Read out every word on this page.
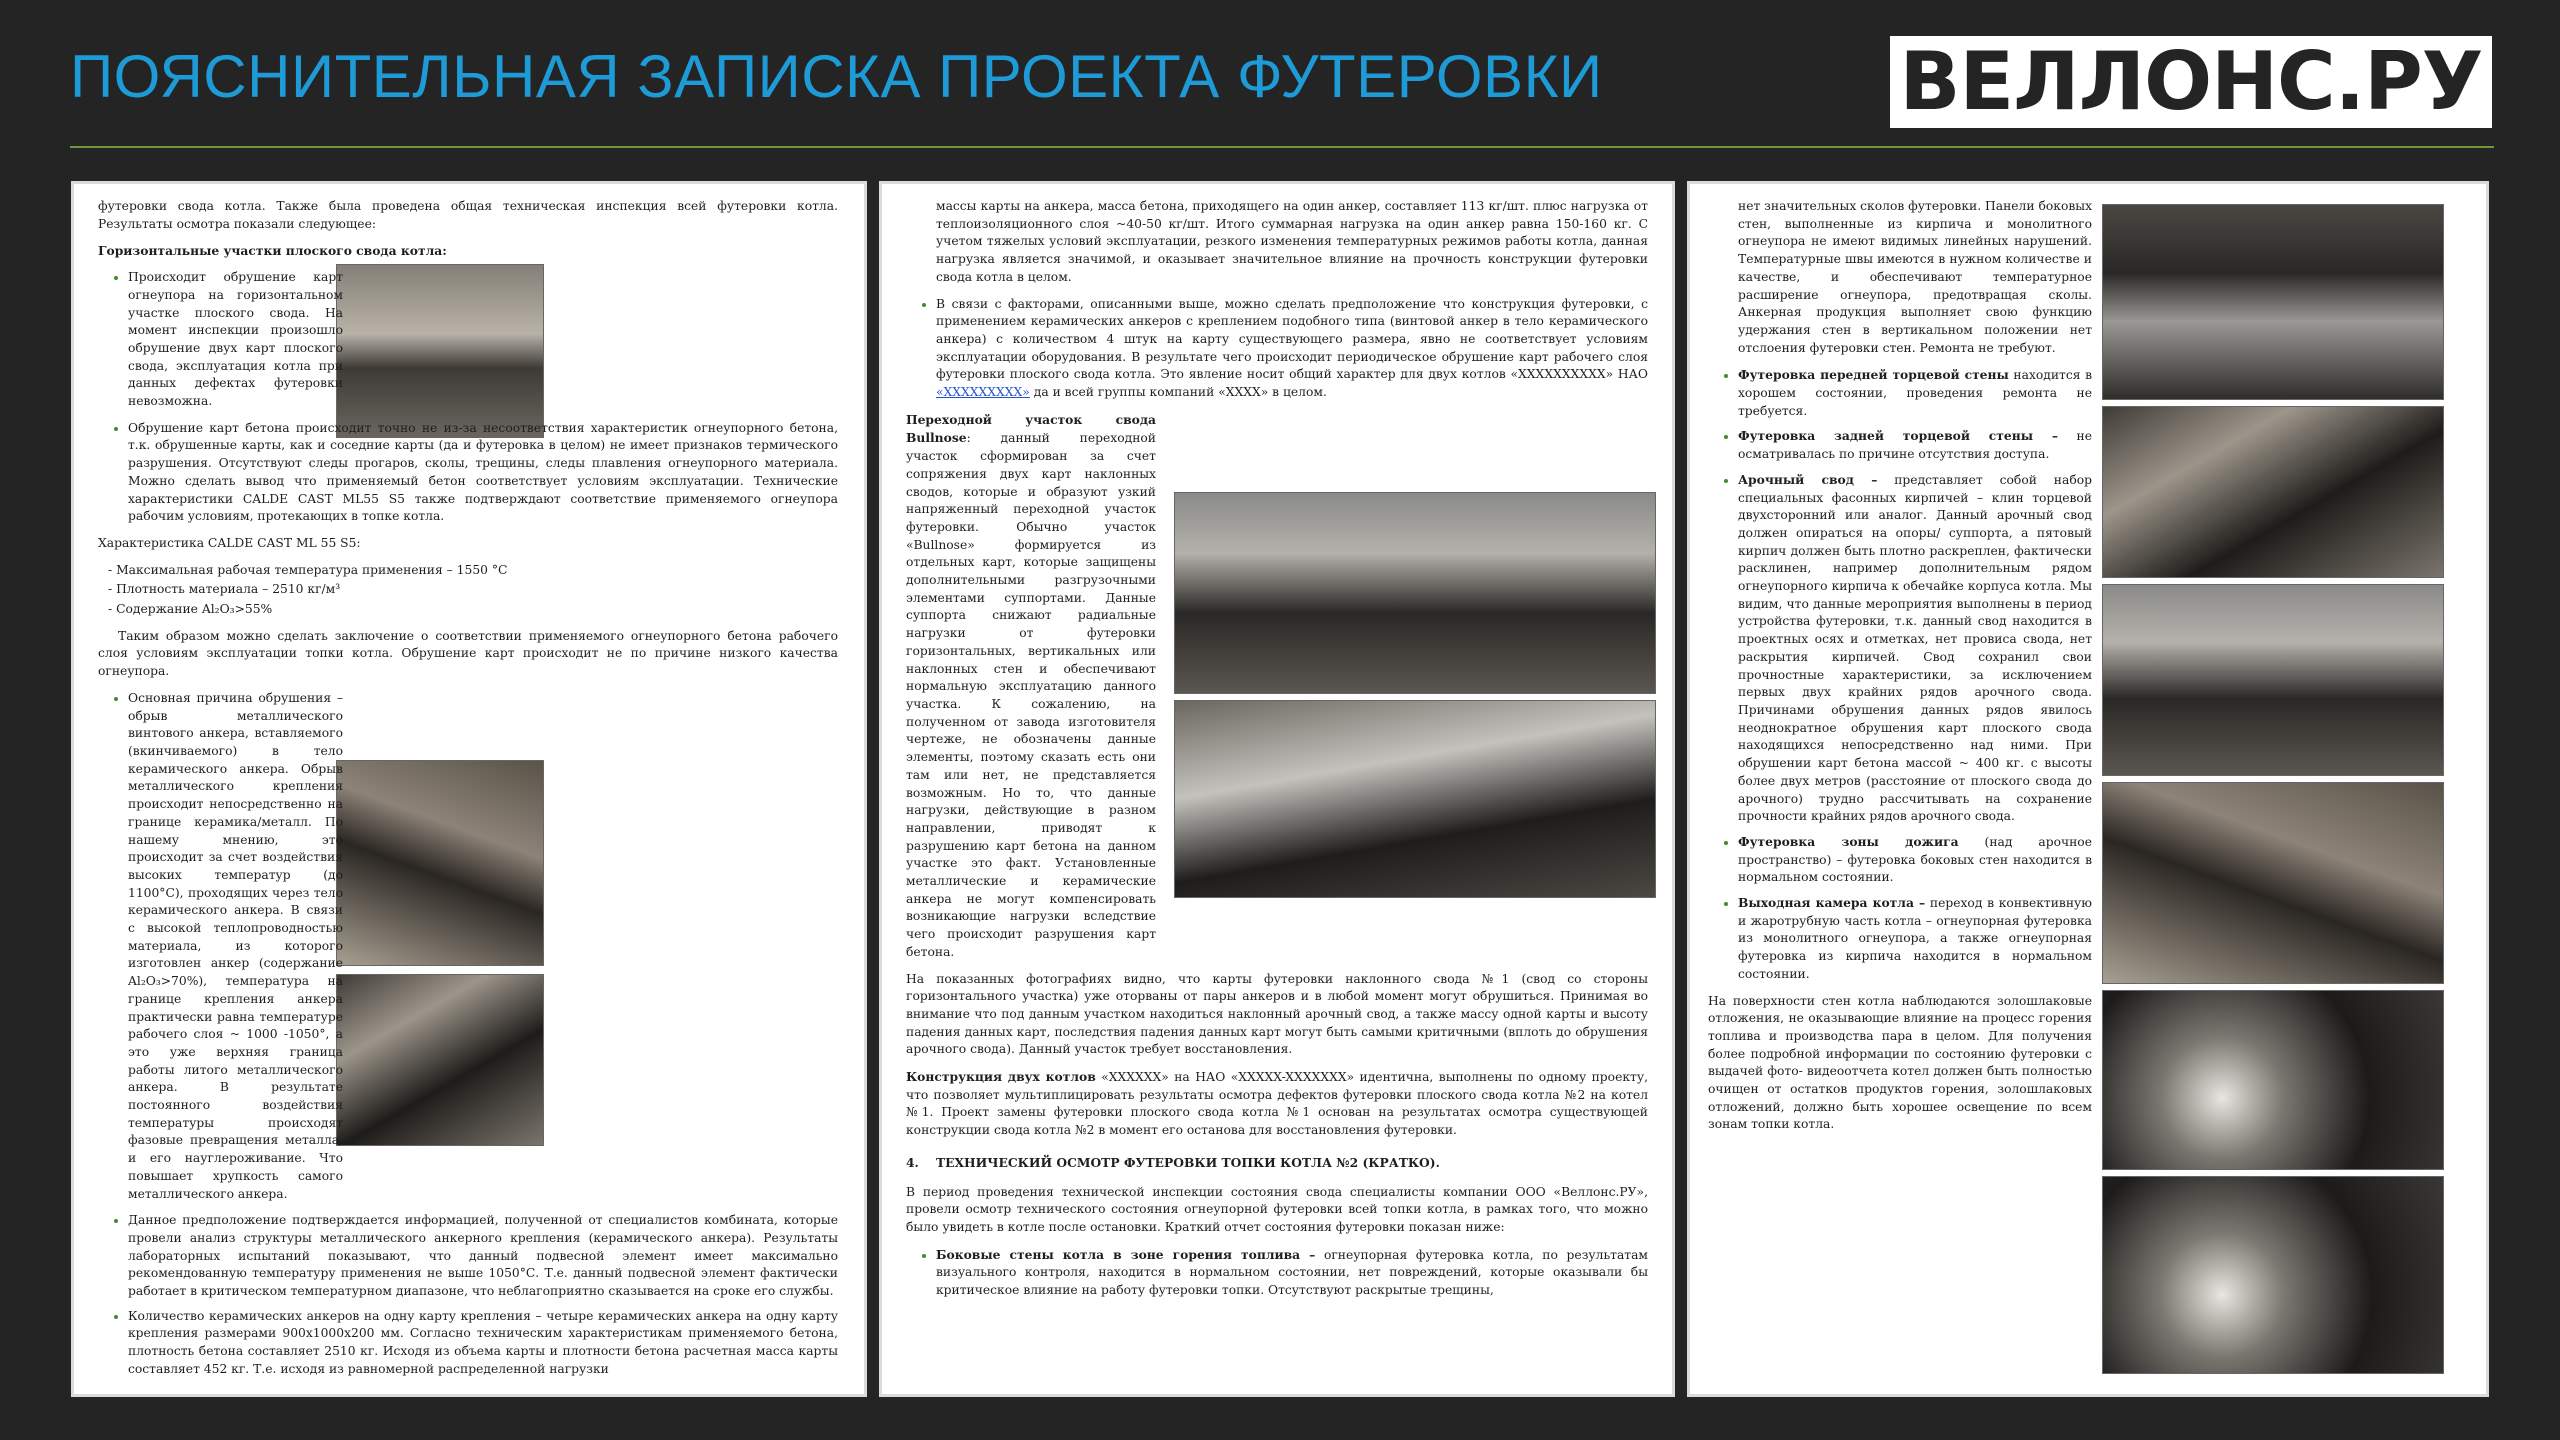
ПОЯСНИТЕЛЬНАЯ ЗАПИСКА ПРОЕКТА ФУТЕРОВКИ	ВЕЛЛОНС.РУ

футеровки свода котла. Также была проведена общая техническая инспекция всей футеровки котла. Результаты осмотра показали следующее:

Горизонтальные участки плоского свода котла:

• Происходит обрушение карт огнеупора на горизонтальном участке плоского свода. На момент инспекции произошло обрушение двух карт плоского свода, эксплуатация котла при данных дефектах футеровки невозможна.
• Обрушение карт бетона происходит точно не из-за несоответствия характеристик огнеупорного бетона, т.к. обрушенные карты, как и соседние карты (да и футеровка в целом) не имеет признаков термического разрушения. Отсутствуют следы прогаров, сколы, трещины, следы плавления огнеупорного материала. Можно сделать вывод что применяемый бетон соответствует условиям эксплуатации. Технические характеристики CALDE CAST ML55 S5 также подтверждают соответствие применяемого огнеупора рабочим условиям, протекающих в топке котла.

Характеристика CALDE CAST ML 55 S5:

- Максимальная рабочая температура применения – 1550 °С
- Плотность материала – 2510 кг/м³
- Содержание Al₂O₃>55%

Таким образом можно сделать заключение о соответствии применяемого огнеупорного бетона рабочего слоя условиям эксплуатации топки котла. Обрушение карт происходит не по причине низкого качества огнеупора.

• Основная причина обрушения – обрыв металлического винтового анкера, вставляемого (вкинчиваемого) в тело керамического анкера. Обрыв металлического крепления происходит непосредственно на границе керамика/металл. По нашему мнению, это происходит за счет воздействия высоких температур (до 1100°С), проходящих через тело керамического анкера. В связи с высокой теплопроводностью материала, из которого изготовлен анкер (содержание Al₂O₃>70%), температура на границе крепления анкера практически равна температуре рабочего слоя ~ 1000 -1050°, а это уже верхняя граница работы литого металлического анкера. В результате постоянного воздействия температуры происходят фазовые превращения металла, и его науглероживание. Что повышает хрупкость самого металлического анкера.
• Данное предположение подтверждается информацией, полученной от специалистов комбината, которые провели анализ структуры металлического анкерного крепления (керамического анкера). Результаты лабораторных испытаний показывают, что данный подвесной элемент имеет максимально рекомендованную температуру применения не выше 1050°С. Т.е. данный подвесной элемент фактически работает в критическом температурном диапазоне, что неблагоприятно сказывается на сроке его службы.
• Количество керамических анкеров на одну карту крепления – четыре керамических анкера на одну карту крепления размерами 900х1000х200 мм. Согласно техническим характеристикам применяемого бетона, плотность бетона составляет 2510 кг. Исходя из объема карты и плотности бетона расчетная масса карты составляет 452 кг. Т.е. исходя из равномерной распределенной нагрузки
массы карты на анкера, масса бетона, приходящего на один анкер, составляет 113 кг/шт. плюс нагрузка от теплоизоляционного слоя ~40-50 кг/шт. Итого суммарная нагрузка на один анкер равна 150-160 кг. С учетом тяжелых условий эксплуатации, резкого изменения температурных режимов работы котла, данная нагрузка является значимой, и оказывает значительное влияние на прочность конструкции футеровки свода котла в целом.
• В связи с факторами, описанными выше, можно сделать предположение что конструкция футеровки, с применением керамических анкеров с креплением подобного типа (винтовой анкер в тело керамического анкера) с количеством 4 штук на карту существующего размера, явно не соответствует условиям эксплуатации оборудования. В результате чего происходит периодическое обрушение карт рабочего слоя футеровки плоского свода котла. Это явление носит общий характер для двух котлов «XXXXXXXXXX» НАО «XXXXXXXXX» да и всей группы компаний «XXXX» в целом.

Переходной участок свода Bullnose: данный переходной участок сформирован за счет сопряжения двух карт наклонных сводов, которые и образуют узкий напряженный переходной участок футеровки. Обычно участок «Bullnose» формируется из отдельных карт, которые защищены дополнительными разгрузочными элементами суппортами. Данные суппорта снижают радиальные нагрузки от футеровки горизонтальных, вертикальных или наклонных стен и обеспечивают нормальную эксплуатацию данного участка. К сожалению, на полученном от завода изготовителя чертеже, не обозначены данные элементы, поэтому сказать есть они там или нет, не представляется возможным. Но то, что данные нагрузки, действующие в разном направлении, приводят к разрушению карт бетона на данном участке это факт. Установленные металлические и керамические анкера не могут компенсировать возникающие нагрузки вследствие чего происходит разрушения карт бетона.

На показанных фотографиях видно, что карты футеровки наклонного свода №1 (свод со стороны горизонтального участка) уже оторваны от пары анкеров и в любой момент могут обрушиться. Принимая во внимание что под данным участком находиться наклонный арочный свод, а также массу одной карты и высоту падения данных карт, последствия падения данных карт могут быть самыми критичными (вплоть до обрушения арочного свода). Данный участок требует восстановления.

Конструкция двух котлов «XXXXXX» на НАО «XXXXX-XXXXXXX» идентична, выполнены по одному проекту, что позволяет мультиплицировать результаты осмотра дефектов футеровки плоского свода котла №2 на котел №1. Проект замены футеровки плоского свода котла №1 основан на результатах осмотра существующей конструкции свода котла №2 в момент его останова для восстановления футеровки.

4. ТЕХНИЧЕСКИЙ ОСМОТР ФУТЕРОВКИ ТОПКИ КОТЛА №2 (КРАТКО).

В период проведения технической инспекции состояния свода специалисты компании ООО «Веллонс.РУ», провели осмотр технического состояния огнеупорной футеровки всей топки котла, в рамках того, что можно было увидеть в котле после остановки. Краткий отчет состояния футеровки показан ниже:

• Боковые стены котла в зоне горения топлива – огнеупорная футеровка котла, по результатам визуального контроля, находится в нормальном состоянии, нет повреждений, которые оказывали бы критическое влияние на работу футеровки топки. Отсутствуют раскрытые трещины,
нет значительных сколов футеровки. Панели боковых стен, выполненные из кирпича и монолитного огнеупора не имеют видимых линейных нарушений. Температурные швы имеются в нужном количестве и качестве, и обеспечивают температурное расширение огнеупора, предотвращая сколы. Анкерная продукция выполняет свою функцию удержания стен в вертикальном положении нет отслоения футеровки стен. Ремонта не требуют.
• Футеровка передней торцевой стены находится в хорошем состоянии, проведения ремонта не требуется.
• Футеровка задней торцевой стены – не осматривалась по причине отсутствия доступа.
• Арочный свод – представляет собой набор специальных фасонных кирпичей – клин торцевой двухсторонний или аналог. Данный арочный свод должен опираться на опоры/ суппорта, а пятовый кирпич должен быть плотно раскреплен, фактически расклинен, например дополнительным рядом огнеупорного кирпича к обечайке корпуса котла. Мы видим, что данные мероприятия выполнены в период устройства футеровки, т.к. данный свод находится в проектных осях и отметках, нет провиса свода, нет раскрытия кирпичей. Свод сохранил свои прочностные характеристики, за исключением первых двух крайних рядов арочного свода. Причинами обрушения данных рядов явилось неоднократное обрушения карт плоского свода находящихся непосредственно над ними. При обрушении карт бетона массой ~ 400 кг. с высоты более двух метров (расстояние от плоского свода до арочного) трудно рассчитывать на сохранение прочности крайних рядов арочного свода.
• Футеровка зоны дожига (над арочное пространство) – футеровка боковых стен находится в нормальном состоянии.
• Выходная камера котла – переход в конвективную и жаротрубную часть котла – огнеупорная футеровка из монолитного огнеупора, а также огнеупорная футеровка из кирпича находится в нормальном состоянии.

На поверхности стен котла наблюдаются золошлаковые отложения, не оказывающие влияние на процесс горения топлива и производства пара в целом. Для получения более подробной информации по состоянию футеровки с выдачей фото- видеоотчета котел должен быть полностью очищен от остатков продуктов горения, золошлаковых отложений, должно быть хорошее освещение по всем зонам топки котла.
